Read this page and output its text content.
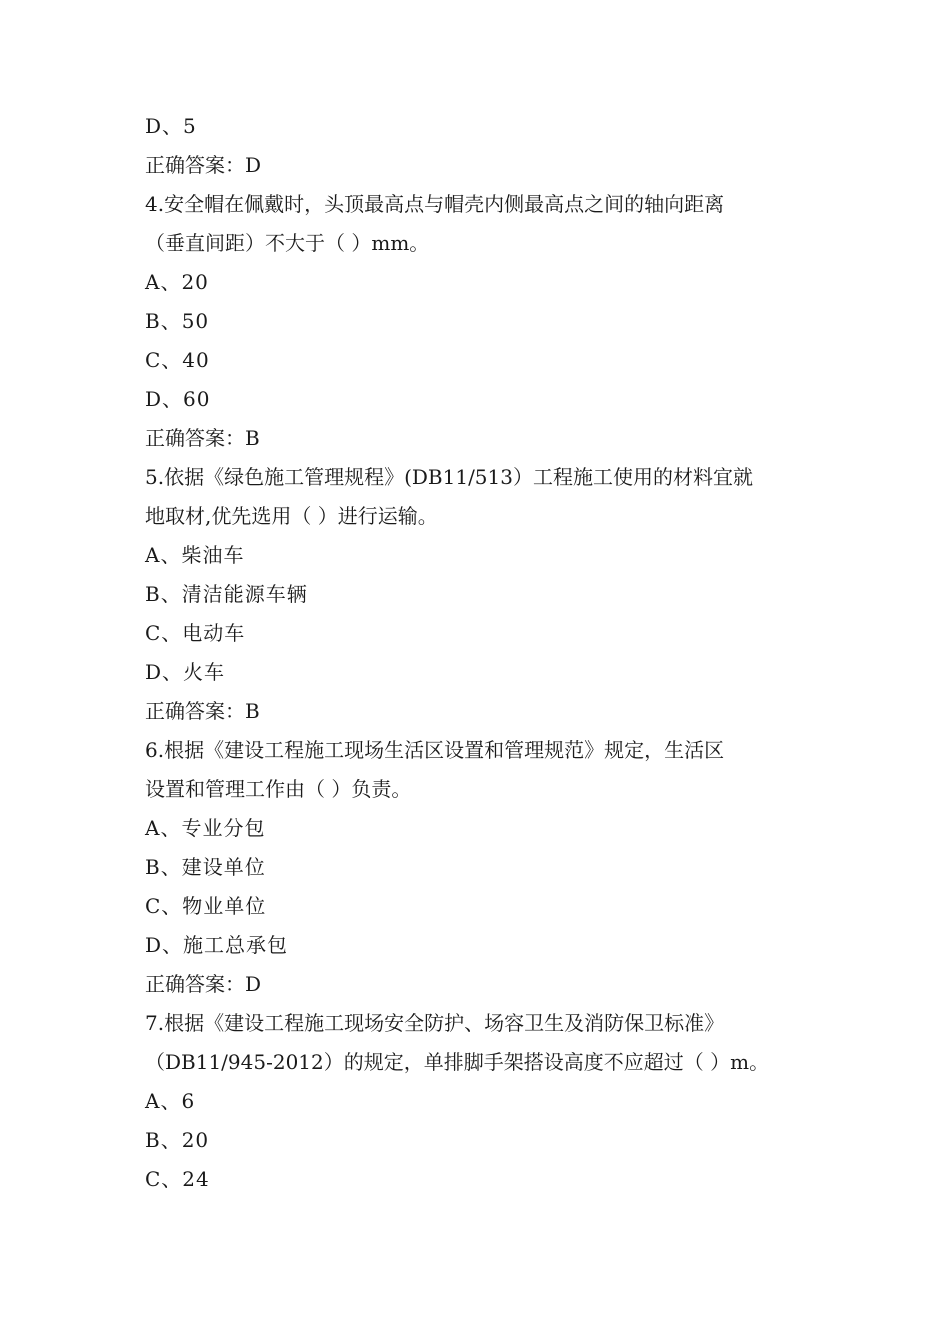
D、5
正确答案：D
4.安全帽在佩戴时，头顶最高点与帽壳内侧最高点之间的轴向距离
（垂直间距）不大于（ ）mm。
A、20
B、50
C、40
D、60
正确答案：B
5.依据《绿色施工管理规程》(DB11/513）工程施工使用的材料宜就
地取材,优先选用（ ）进行运输。
A、柴油车
B、清洁能源车辆
C、电动车
D、火车
正确答案：B
6.根据《建设工程施工现场生活区设置和管理规范》规定，生活区
设置和管理工作由（ ）负责。
A、专业分包
B、建设单位
C、物业单位
D、施工总承包
正确答案：D
7.根据《建设工程施工现场安全防护、场容卫生及消防保卫标准》
（DB11/945-2012）的规定，单排脚手架搭设高度不应超过（ ）m。
A、6
B、20
C、24
